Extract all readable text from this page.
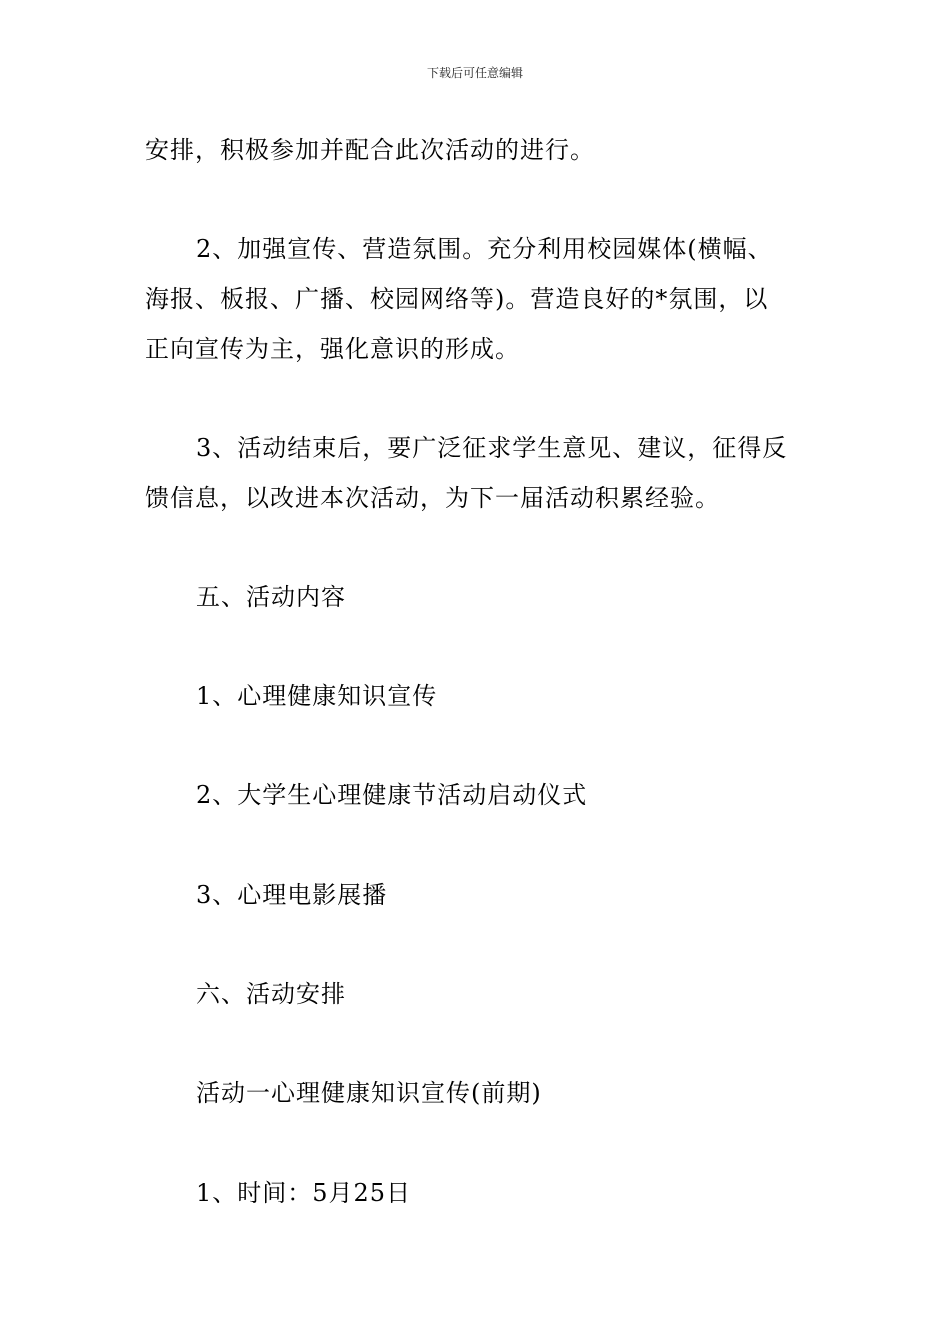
下载后可任意编辑
安排，积极参加并配合此次活动的进行。
2、加强宣传、营造氛围。充分利用校园媒体(横幅、
海报、板报、广播、校园网络等)。营造良好的*氛围，以
正向宣传为主，强化意识的形成。
3、活动结束后，要广泛征求学生意见、建议，征得反
馈信息，以改进本次活动，为下一届活动积累经验。
五、活动内容
1、心理健康知识宣传
2、大学生心理健康节活动启动仪式
3、心理电影展播
六、活动安排
活动一心理健康知识宣传(前期)
1、时间：5月25日
